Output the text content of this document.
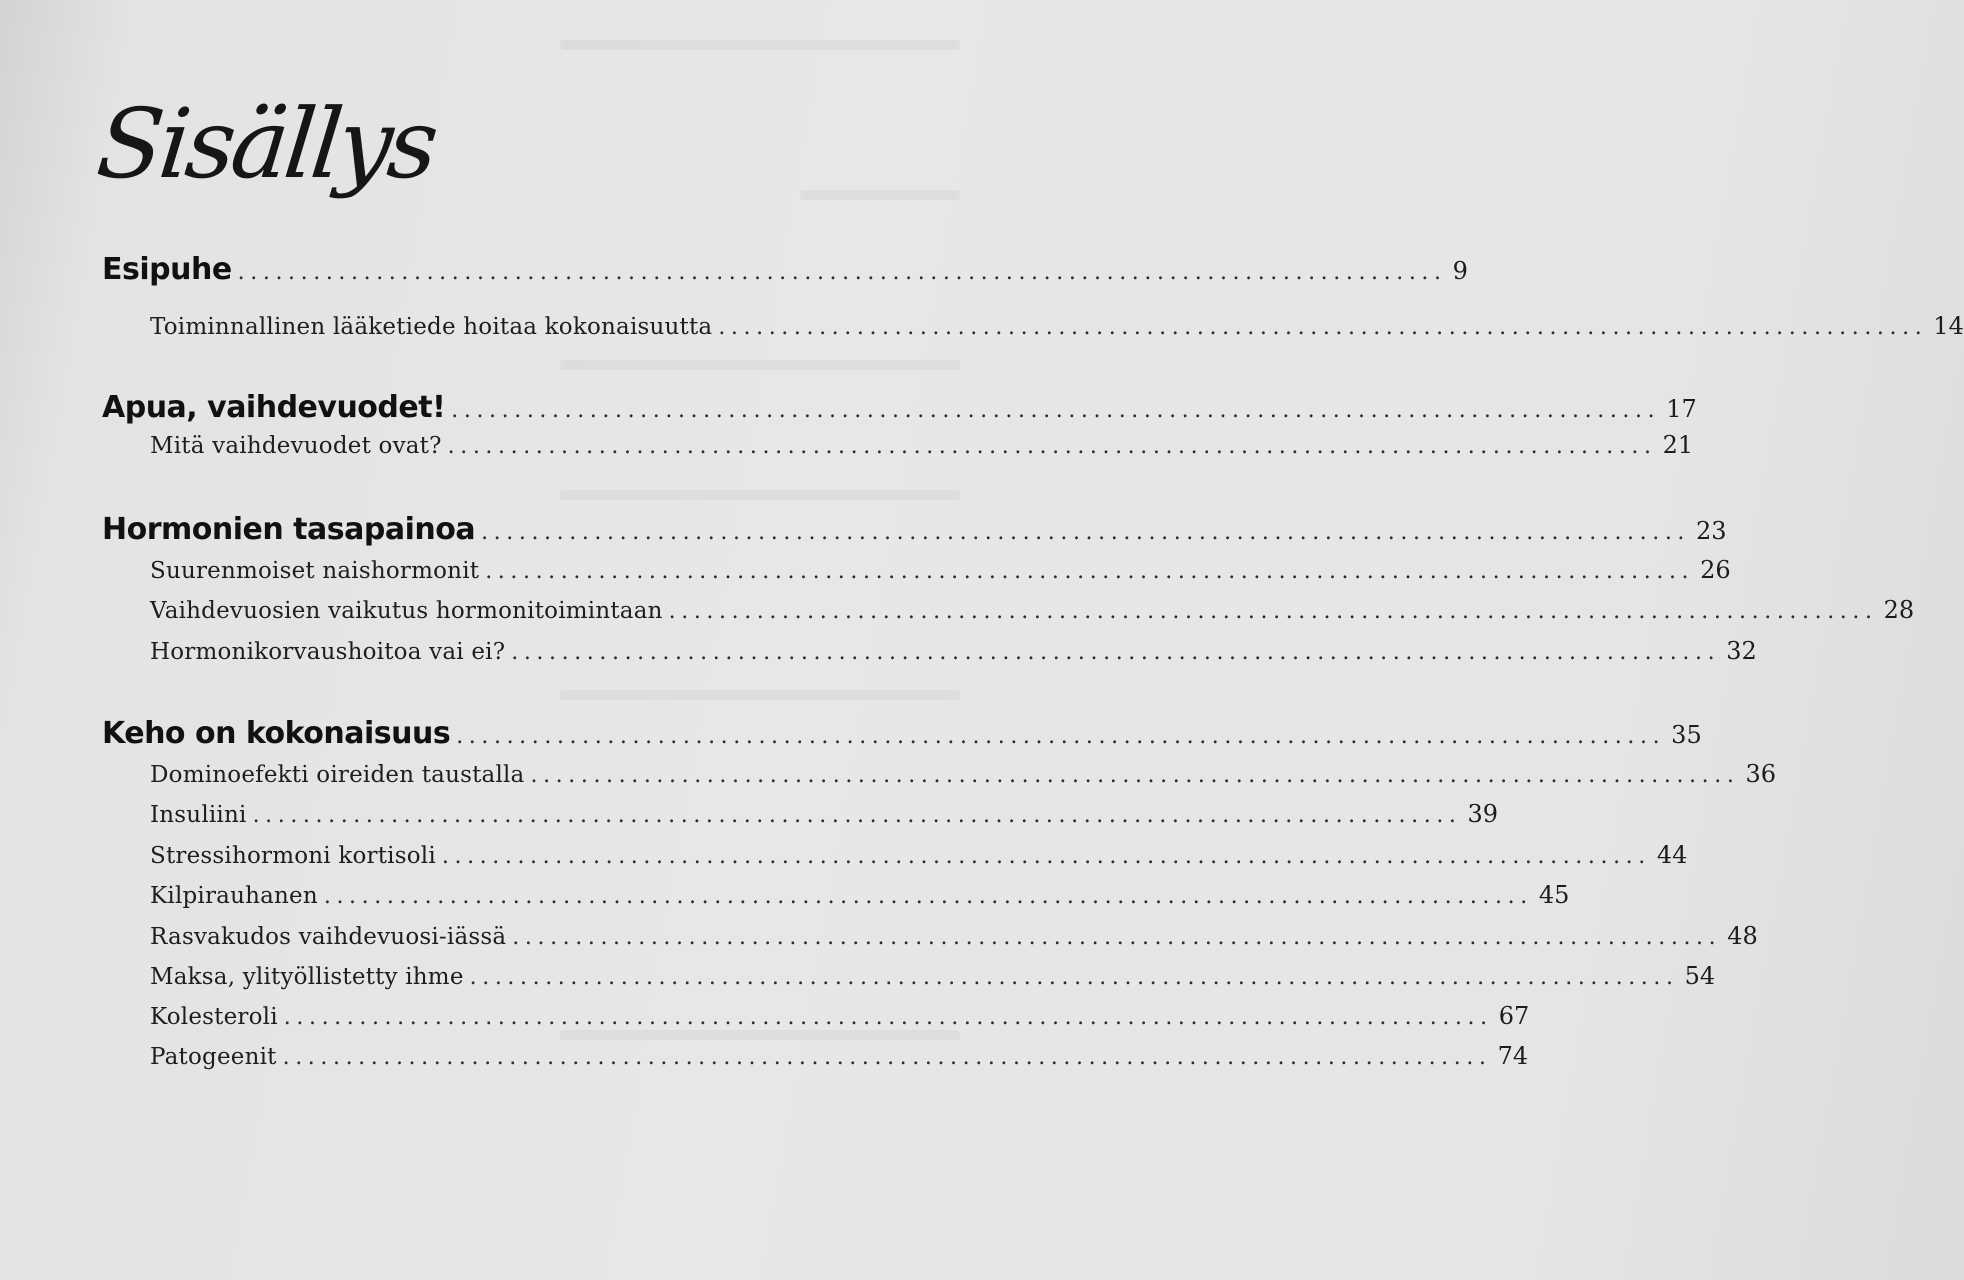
Sisällys
Esipuhe ................................................................................................ 9
Toiminnallinen lääketiede hoitaa kokonaisuutta ................................................................................................ 14
Apua, vaihdevuodet! ................................................................................................ 17
Mitä vaihdevuodet ovat? ................................................................................................ 21
Hormonien tasapainoa ................................................................................................ 23
Suurenmoiset naishormonit ................................................................................................ 26
Vaihdevuosien vaikutus hormonitoimintaan ................................................................................................ 28
Hormonikorvaushoitoa vai ei? ................................................................................................ 32
Keho on kokonaisuus ................................................................................................ 35
Dominoefekti oireiden taustalla ................................................................................................ 36
Insuliini ................................................................................................ 39
Stressihormoni kortisoli ................................................................................................ 44
Kilpirauhanen ................................................................................................ 45
Rasvakudos vaihdevuosi-iässä ................................................................................................ 48
Maksa, ylityöllistetty ihme ................................................................................................ 54
Kolesteroli ................................................................................................ 67
Patogeenit ................................................................................................ 74
